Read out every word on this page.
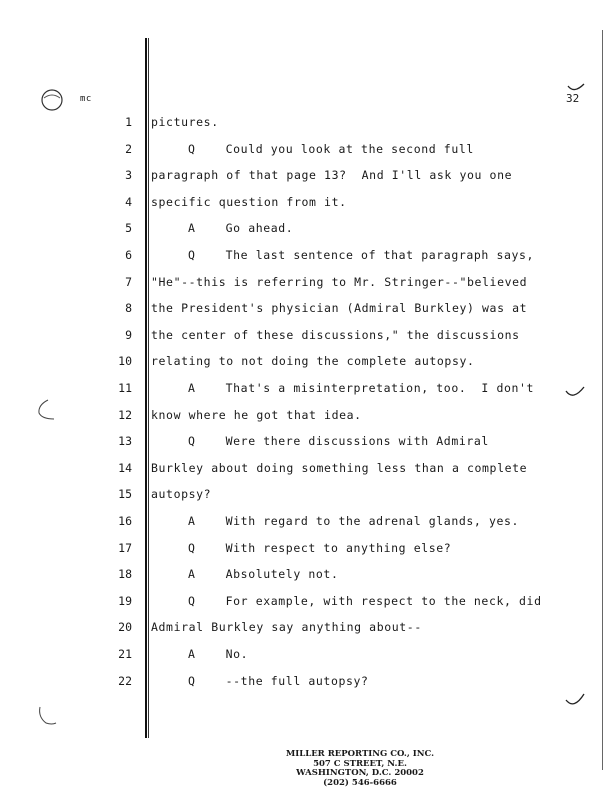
mc	32
1 pictures.
2	Q    Could you look at the second full
3 paragraph of that page 13?  And I'll ask you one
4 specific question from it.
5	A    Go ahead.
6	Q    The last sentence of that paragraph says,
7 "He"--this is referring to Mr. Stringer--"believed
8 the President's physician (Admiral Burkley) was at
9 the center of these discussions," the discussions
10 relating to not doing the complete autopsy.
11	A    That's a misinterpretation, too.  I don't
12 know where he got that idea.
13	Q    Were there discussions with Admiral
14 Burkley about doing something less than a complete
15 autopsy?
16	A    With regard to the adrenal glands, yes.
17	Q    With respect to anything else?
18	A    Absolutely not.
19	Q    For example, with respect to the neck, did
20 Admiral Burkley say anything about--
21	A    No.
22	Q    --the full autopsy?
MILLER REPORTING CO., INC.
507 C STREET, N.E.
WASHINGTON, D.C. 20002
(202) 546-6666
